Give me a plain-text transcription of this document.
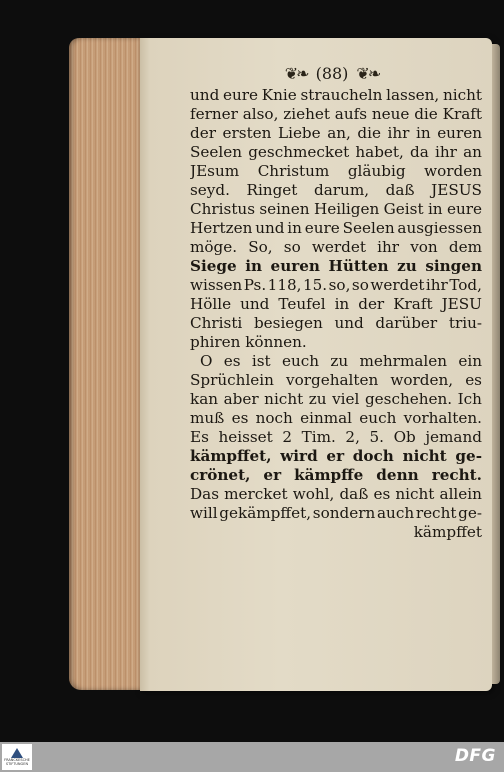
❦❧ (88) ❦❧
und eure Knie straucheln lassen, nicht
ferner also, ziehet aufs neue die Kraft
der ersten Liebe an, die ihr in euren
Seelen geschmecket habet, da ihr an
JEsum Christum gläubig worden
seyd. Ringet darum, daß JESUS
Christus seinen Heiligen Geist in eure
Hertzen und in eure Seelen ausgiessen
möge. So, so werdet ihr von dem
Siege in euren Hütten zu singen
wissen Ps. 118, 15. so, so werdet ihr Tod,
Hölle und Teufel in der Kraft JESU
Christi besiegen und darüber triu-
phiren können.
O es ist euch zu mehrmalen ein
Sprüchlein vorgehalten worden, es
kan aber nicht zu viel geschehen. Ich
muß es noch einmal euch vorhalten.
Es heisset 2 Tim. 2, 5. Ob jemand
kämpffet, wird er doch nicht ge-
crönet, er kämpffe denn recht.
Das mercket wohl, daß es nicht allein
will gekämpffet, sondern auch recht ge-
kämpffet
FRANCKESCHE STIFTUNGEN	DFG
